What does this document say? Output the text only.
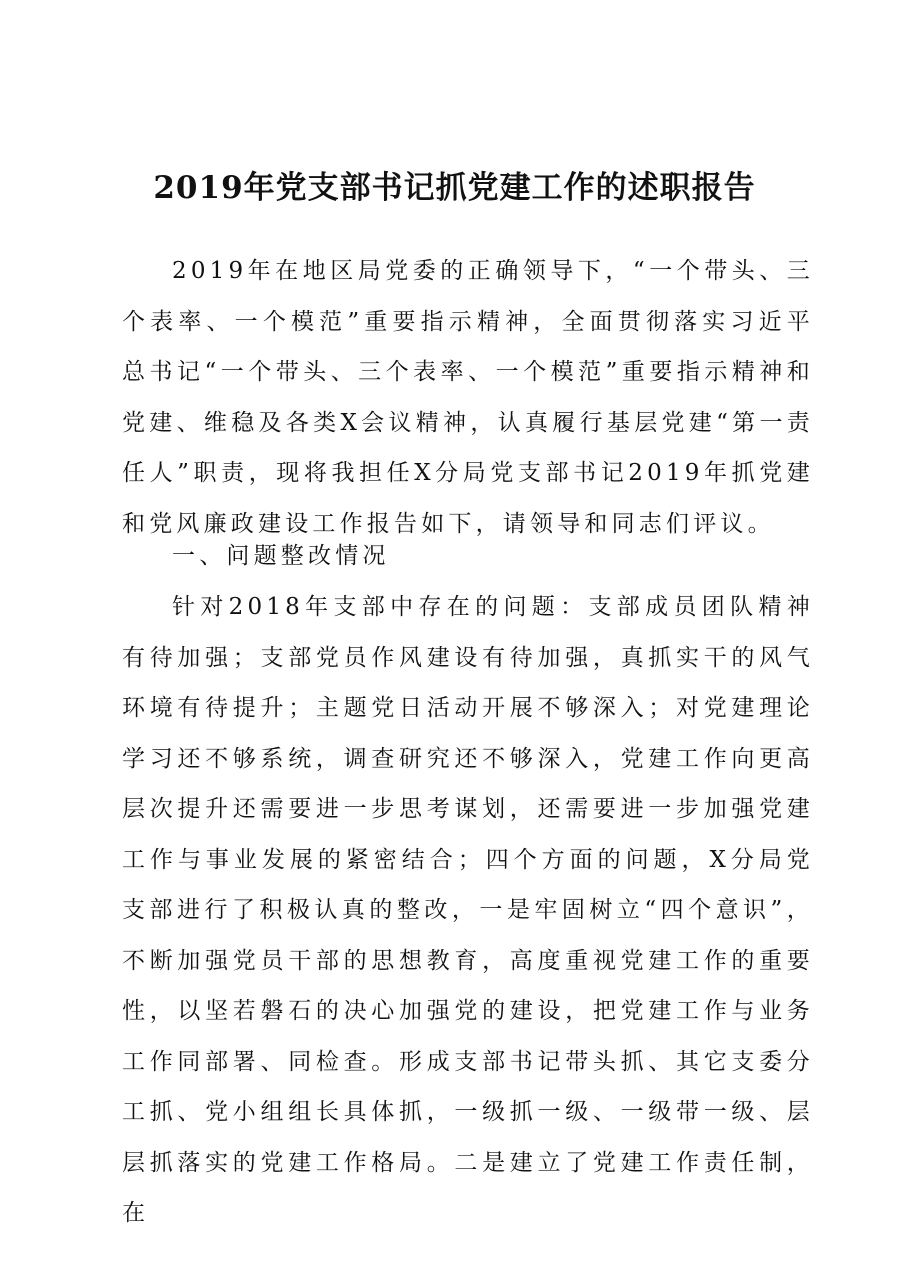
2019年党支部书记抓党建工作的述职报告

2019年在地区局党委的正确领导下，“一个带头、三个表率、一个模范”重要指示精神，全面贯彻落实习近平总书记“一个带头、三个表率、一个模范”重要指示精神和党建、维稳及各类X会议精神，认真履行基层党建“第一责任人”职责，现将我担任X分局党支部书记2019年抓党建和党风廉政建设工作报告如下，请领导和同志们评议。

一、问题整改情况

针对2018年支部中存在的问题：支部成员团队精神有待加强；支部党员作风建设有待加强，真抓实干的风气环境有待提升；主题党日活动开展不够深入；对党建理论学习还不够系统，调查研究还不够深入，党建工作向更高层次提升还需要进一步思考谋划，还需要进一步加强党建工作与事业发展的紧密结合；四个方面的问题，X分局党支部进行了积极认真的整改，一是牢固树立“四个意识”，不断加强党员干部的思想教育，高度重视党建工作的重要性，以坚若磐石的决心加强党的建设，把党建工作与业务工作同部署、同检查。形成支部书记带头抓、其它支委分工抓、党小组组长具体抓，一级抓一级、一级带一级、层层抓落实的党建工作格局。二是建立了党建工作责任制，在
